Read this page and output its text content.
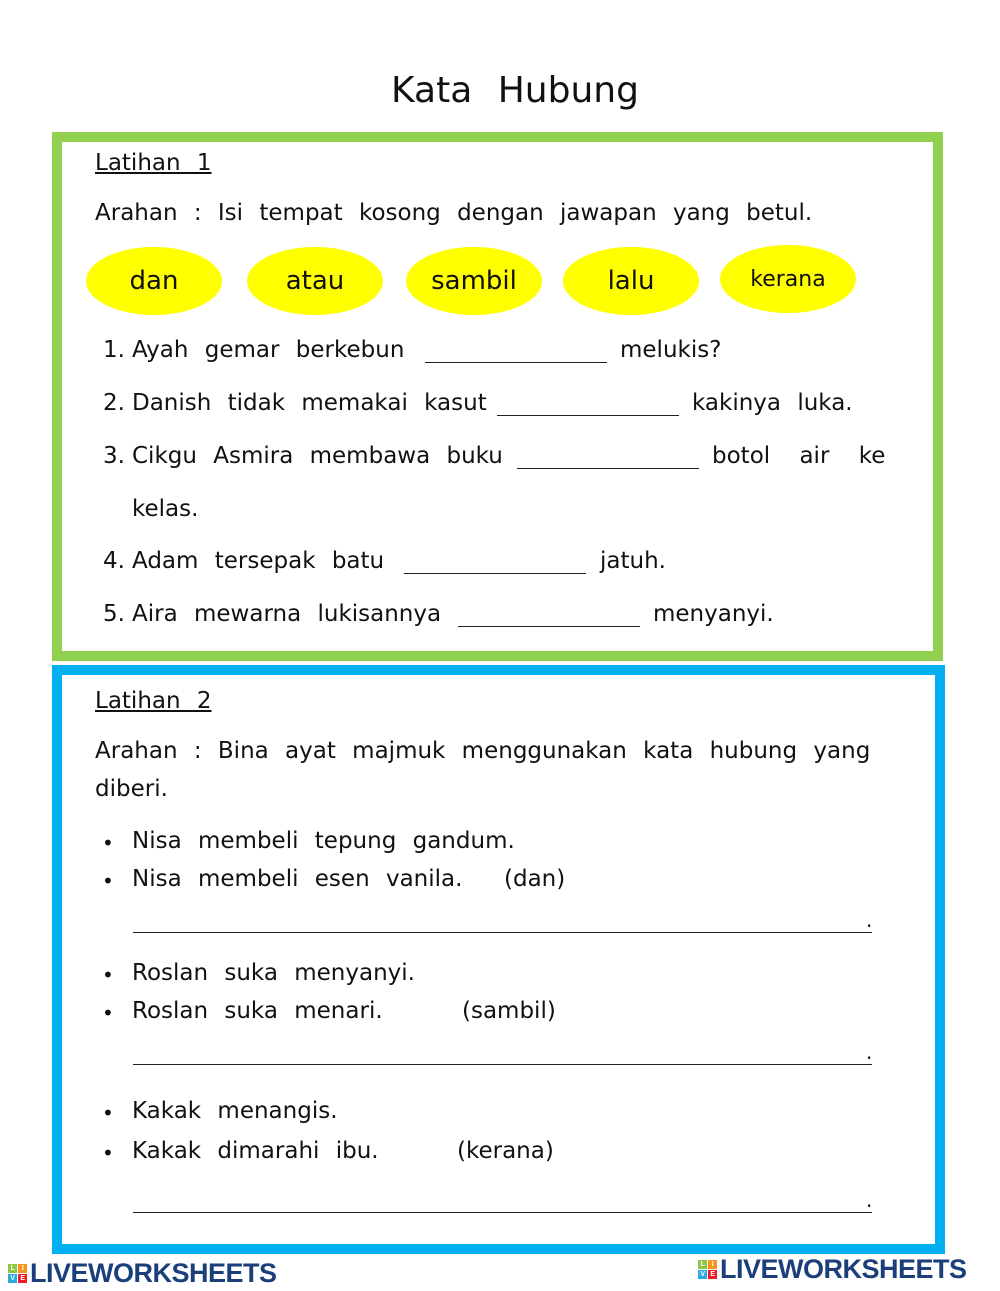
Kata Hubung
Latihan 1
Arahan : Isi tempat kosong dengan jawapan yang betul.
dan	atau	sambil	lalu	kerana
1. Ayah gemar berkebun	melukis?
2. Danish tidak memakai kasut	kakinya luka.
3. Cikgu Asmira membawa buku	botol air ke
kelas.
4. Adam tersepak batu	jatuh.
5. Aira mewarna lukisannya	menyanyi.
Latihan 2
Arahan : Bina ayat majmuk menggunakan kata hubung yang
diberi.
• Nisa membeli tepung gandum.
• Nisa membeli esen vanila. (dan)
.
• Roslan suka menyanyi.
• Roslan suka menari.	(sambil)
.
• Kakak menangis.
• Kakak dimarahi ibu.	(kerana)
.
L	I
V E LIVEWORKSHEETS	L	I
V E LIVEWORKSHEETS
